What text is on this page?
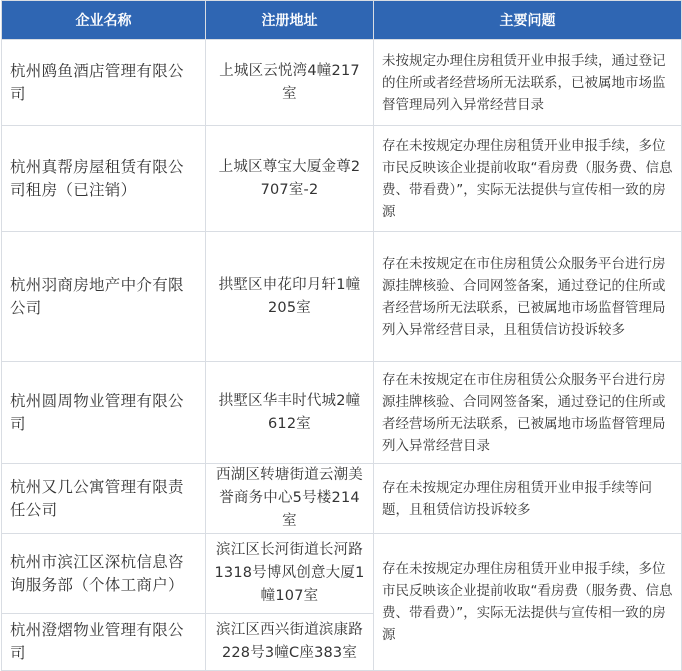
企业名称	注册地址	主要问题
杭州鸥鱼酒店管理有限公司	上城区云悦湾4幢217室	未按规定办理住房租赁开业申报手续，通过登记的住所或者经营场所无法联系，已被属地市场监督管理局列入异常经营目录
杭州真帮房屋租赁有限公司租房（已注销）	上城区尊宝大厦金尊2707室-2	存在未按规定办理住房租赁开业申报手续，多位市民反映该企业提前收取“看房费（服务费、信息费、带看费）”，实际无法提供与宣传相一致的房源
杭州羽商房地产中介有限公司	拱墅区申花印月轩1幢205室	存在未按规定在市住房租赁公众服务平台进行房源挂牌核验、合同网签备案，通过登记的住所或者经营场所无法联系，已被属地市场监督管理局列入异常经营目录，且租赁信访投诉较多
杭州圆周物业管理有限公司	拱墅区华丰时代城2幢612室	存在未按规定在市住房租赁公众服务平台进行房源挂牌核验、合同网签备案，通过登记的住所或者经营场所无法联系，已被属地市场监督管理局列入异常经营目录
杭州又几公寓管理有限责任公司	西湖区转塘街道云潮美誉商务中心5号楼214室	存在未按规定办理住房租赁开业申报手续等问题，且租赁信访投诉较多
杭州市滨江区深杭信息咨询服务部（个体工商户）	滨江区长河街道长河路1318号博风创意大厦1幢107室	存在未按规定办理住房租赁开业申报手续，多位市民反映该企业提前收取“看房费（服务费、信息费、带看费）”，实际无法提供与宣传相一致的房源
杭州澄熠物业管理有限公司	滨江区西兴街道滨康路228号3幢C座383室	
